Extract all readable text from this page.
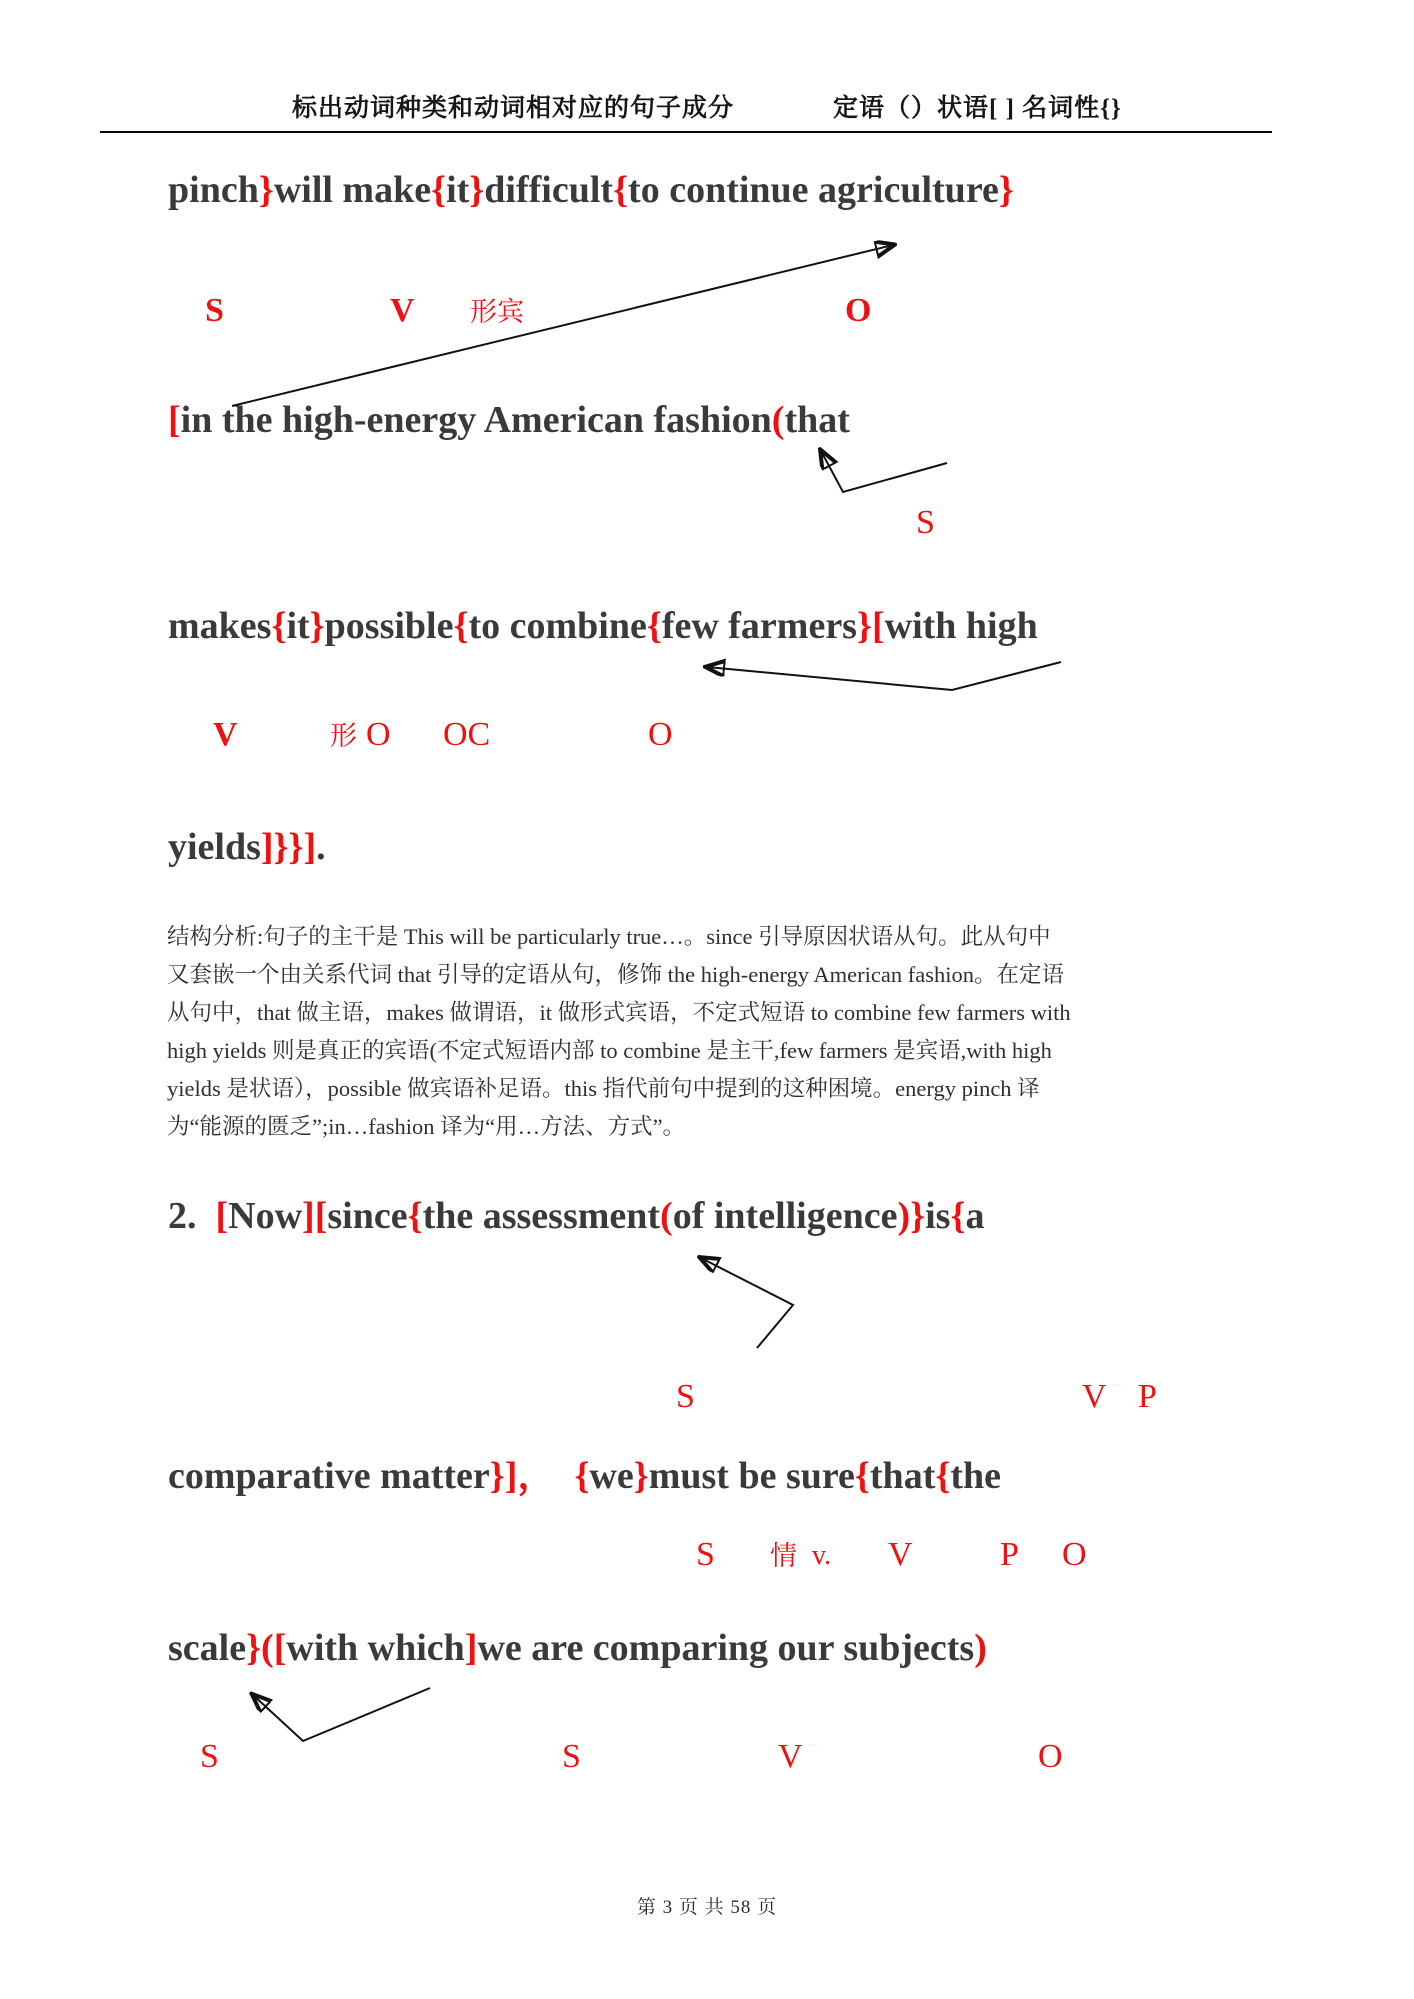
标出动词种类和动词相对应的句子成分	定语（）状语[ ] 名词性{}
pinch}will make{it}difficult{to continue agriculture}
S	V 形宾	O
[in the high-energy American fashion(that
S
makes{it}possible{to combine{few farmers}[with high
V	形 O OC	O
yields]}}].
结构分析:句子的主干是 This will be particularly true…。since 引导原因状语从句。此从句中
又套嵌一个由关系代词 that 引导的定语从句，修饰 the high-energy American fashion。在定语
从句中，that 做主语，makes 做谓语，it 做形式宾语，不定式短语 to combine few farmers with
high yields 则是真正的宾语(不定式短语内部 to combine 是主干,few farmers 是宾语,with high
yields 是状语），possible 做宾语补足语。this 指代前句中提到的这种困境。energy pinch 译
为“能源的匮乏”;in…fashion 译为“用…方法、方式”。
2.  [Now][since{the assessment(of intelligence)}is{a
S	V P
comparative matter}]， {we}must be sure{that{the
S 情 v. V	P O
scale}([with which]we are comparing our subjects)
S	S	V	O
第 3 页 共 58 页
